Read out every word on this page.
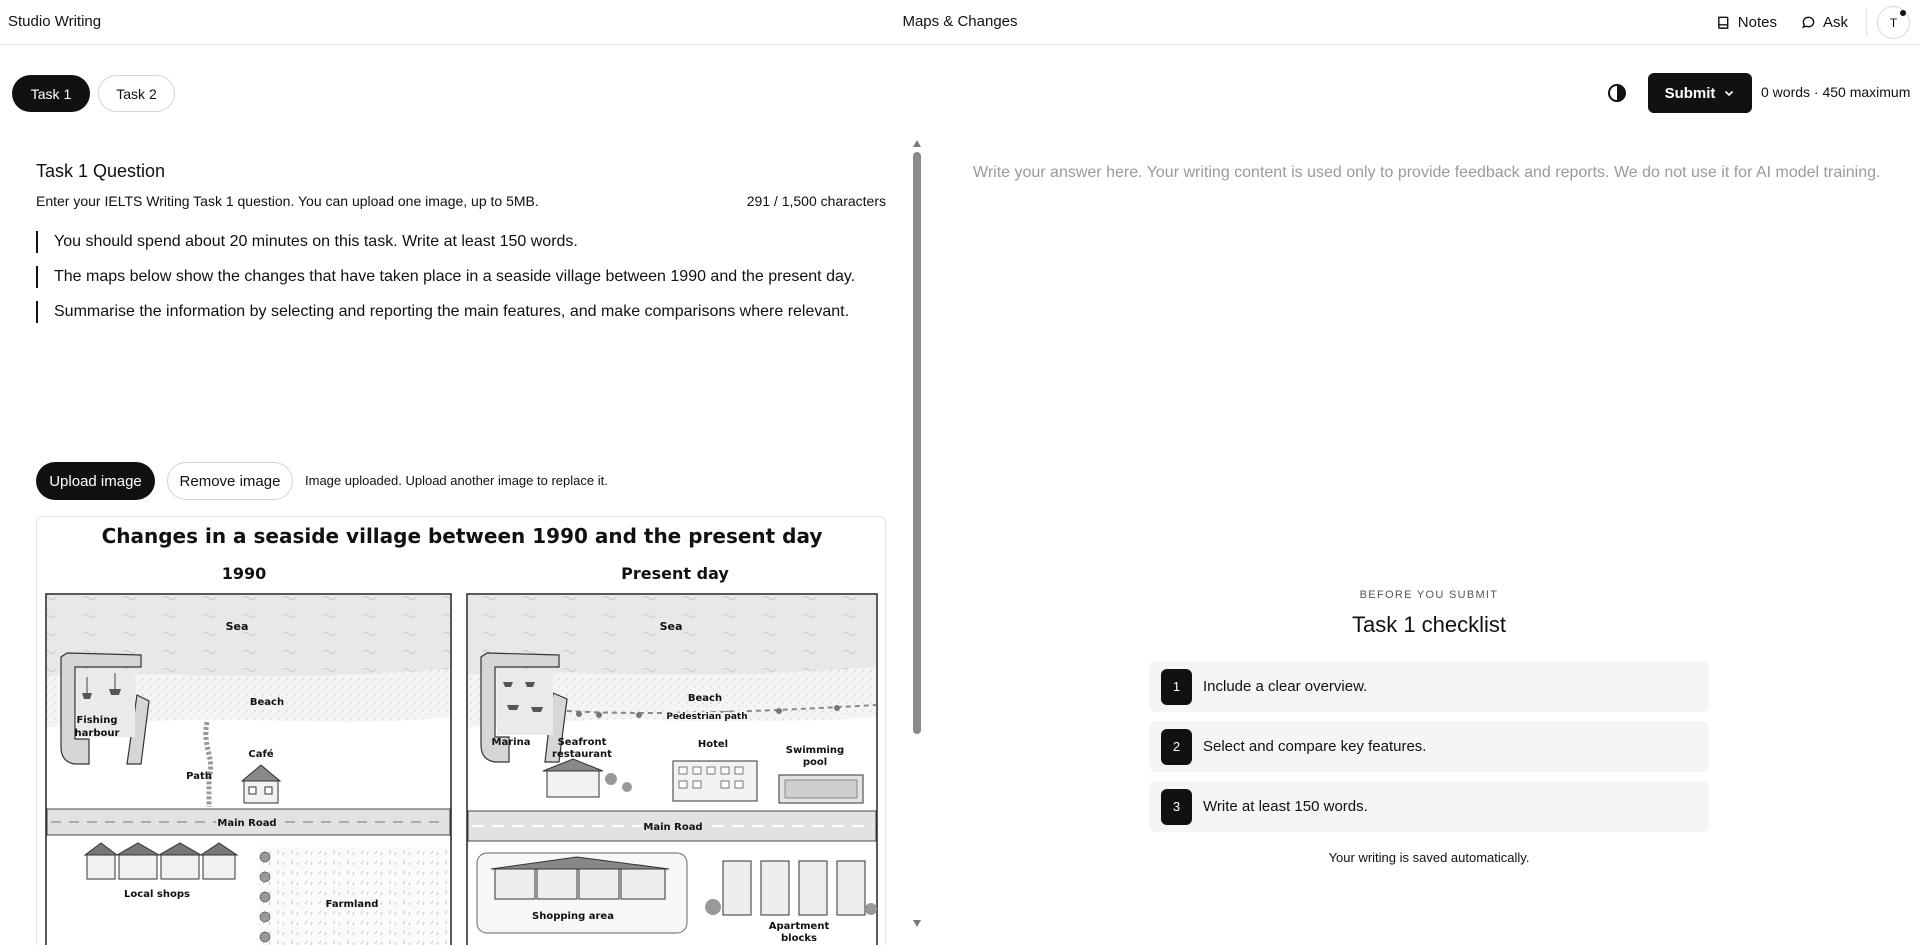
Studio Writing	Maps & Changes	Notes	Ask	T
Task 1	Task 2	Submit	0 words · 450 maximum
Task 1 Question
Enter your IELTS Writing Task 1 question. You can upload one image, up to 5MB.	291 / 1,500 characters
You should spend about 20 minutes on this task. Write at least 150 words.
The maps below show the changes that have taken place in a seaside village between 1990 and the present day.
Summarise the information by selecting and reporting the main features, and make comparisons where relevant.
Upload image	Remove image	Image uploaded. Upload another image to replace it.
Changes in a seaside village between 1990 and the present day
1990
Fishing
harbour
Sea
Beach
Path
Café
Main Road
Local shops
Farmland
Present day
Marina
Sea
Beach
Pedestrian path
Seafront
restaurant
Hotel
Swimming
pool
Main Road
Shopping area
Apartment
blocks
Write your answer here. Your writing content is used only to provide feedback and reports. We do not use it for AI model training.
BEFORE YOU SUBMIT
Task 1 checklist
1	Include a clear overview.
2	Select and compare key features.
3	Write at least 150 words.
Your writing is saved automatically.
